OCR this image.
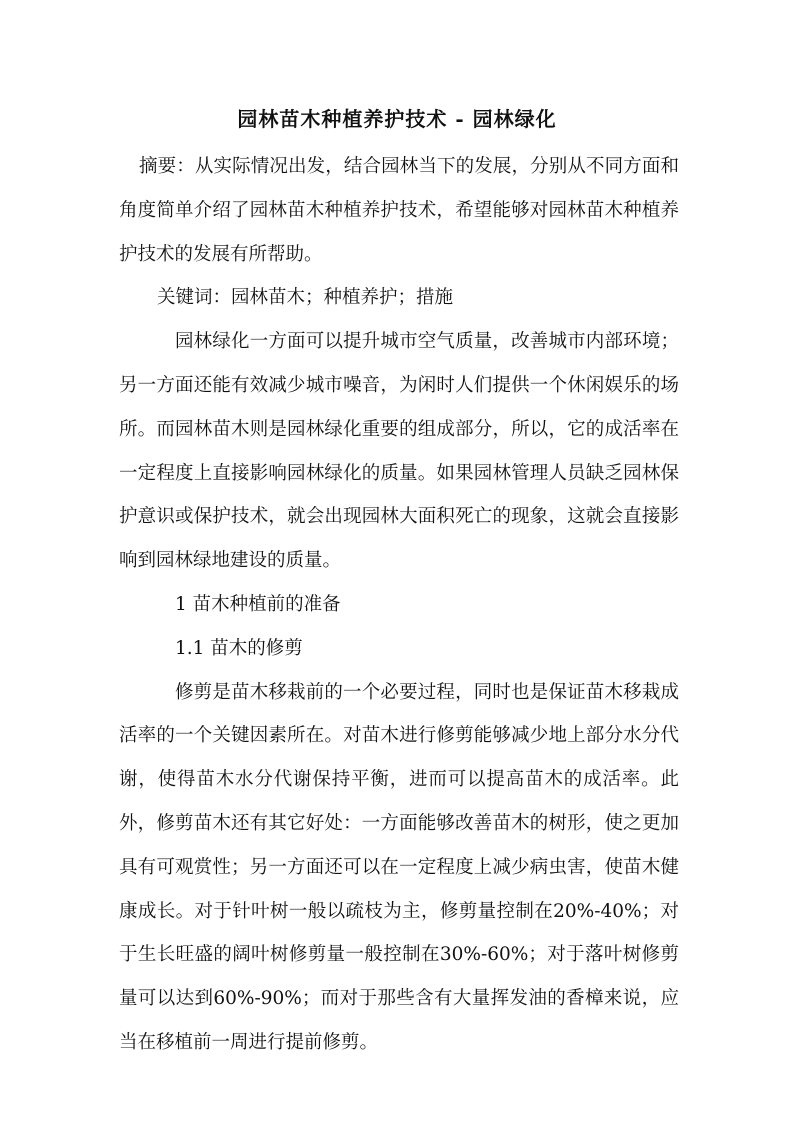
园林苗木种植养护技术 - 园林绿化

摘要：从实际情况出发，结合园林当下的发展，分别从不同方面和角度简单介绍了园林苗木种植养护技术，希望能够对园林苗木种植养护技术的发展有所帮助。

关键词：园林苗木；种植养护；措施

园林绿化一方面可以提升城市空气质量，改善城市内部环境；另一方面还能有效减少城市噪音，为闲时人们提供一个休闲娱乐的场所。而园林苗木则是园林绿化重要的组成部分，所以，它的成活率在一定程度上直接影响园林绿化的质量。如果园林管理人员缺乏园林保护意识或保护技术，就会出现园林大面积死亡的现象，这就会直接影响到园林绿地建设的质量。

1 苗木种植前的准备

1.1 苗木的修剪

修剪是苗木移栽前的一个必要过程，同时也是保证苗木移栽成活率的一个关键因素所在。对苗木进行修剪能够减少地上部分水分代谢，使得苗木水分代谢保持平衡，进而可以提高苗木的成活率。此外，修剪苗木还有其它好处：一方面能够改善苗木的树形，使之更加具有可观赏性；另一方面还可以在一定程度上减少病虫害，使苗木健康成长。对于针叶树一般以疏枝为主，修剪量控制在20%-40%；对于生长旺盛的阔叶树修剪量一般控制在30%-60%；对于落叶树修剪量可以达到60%-90%；而对于那些含有大量挥发油的香樟来说，应当在移植前一周进行提前修剪。
